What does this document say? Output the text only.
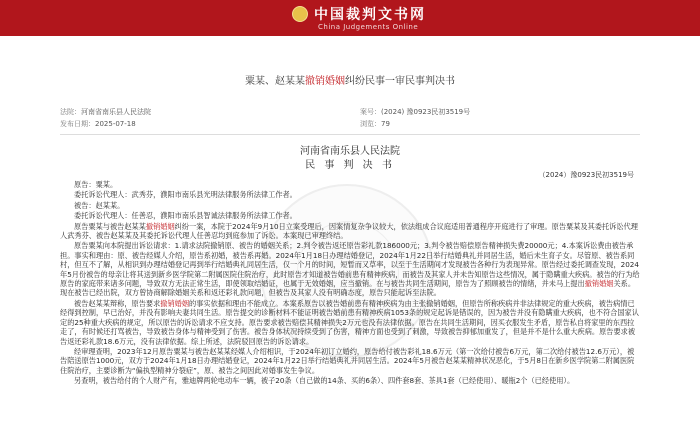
中国裁判文书网
China Judgements Online
粟某、赵某某撤销婚姻纠纷民事一审民事判决书
法院：河南省南乐县人民法院
发布日期：2025-07-18
案号：(2024) 豫0923民初3519号
浏览：79
河南省南乐县人民法院
民 事 判 决 书
（2024）豫0923民初3519号

原告：粟某。

委托诉讼代理人：武秀芬，濮阳市南乐县光明法律服务所法律工作者。

被告：赵某某。

委托诉讼代理人：任善忍，濮阳市南乐县智诚法律服务所法律工作者。

原告粟某与被告赵某某撤销婚姻纠纷一案，本院于2024年9月10日立案受理后，因案情复杂争议较大，依法组成合议庭适用普通程序开庭进行了审理。原告粟某及其委托诉讼代理人武秀芬、被告赵某某及其委托诉讼代理人任善忍均到庭参加了诉讼。本案现已审理终结。

原告粟某向本院提出诉讼请求：1.请求法院撤销原、被告的婚姻关系；2.判令被告返还原告彩礼款186000元；3.判令被告赔偿原告精神损失费20000元；4.本案诉讼费由被告承担。事实和理由：原、被告经媒人介绍，原告系初婚，被告系再婚。2024年1月18日办理结婚登记，2024年1月22日举行结婚典礼并同居生活，婚后未生育子女。尽管原、被告系同村，但互不了解，从相识到办理结婚登记再到举行结婚典礼同居生活，仅一个月的时间，短暂而又草率，以至于生活期间才发现被告各种行为表现异常。原告经过委托调查发现，2024年5月份被告的母亲让将其送到新乡医学院第二附属医院住院治疗，此时原告才知道被告婚前患有精神疾病，而被告及其家人并未告知原告这些情况，属于隐瞒重大疾病。被告的行为给原告的家庭带来诸多问题，导致双方无法正常生活，即使领取结婚证，也属于无效婚姻，应当撤销。在与被告共同生活期间，原告为了照顾被告的情绪，并未马上提出撤销婚姻关系。现在被告已经出院，双方曾协商解除婚姻关系和返还彩礼款问题，但被告及其家人没有明确态度，原告只能起诉至法院。

被告赵某某辩称，原告要求撤销婚姻的事实依据和理由不能成立。本案系原告以被告婚前患有精神疾病为由主张撤销婚姻，但原告所称疾病并非法律规定的重大疾病，被告病情已经得到控制，早已治好，并没有影响夫妻共同生活。原告提交的诊断材料不能证明被告婚前患有精神疾病1053条的规定起诉是错误的，因为被告并没有隐瞒重大疾病，也不符合国家认定的25种重大疾病的规定，所以原告的诉讼请求不应支持。原告要求被告赔偿其精神损失2万元也没有法律依据。原告在共同生活期间，因买衣服发生矛盾，原告私自将家里的东西拉走了，有时候还打骂被告，导致被告身体与精神受到了伤害。被告身体状况持续受到了伤害，精神方面也受到了刺激，导致被告抑郁加重发了，但是并不是什么重大疾病。原告要求被告返还彩礼款18.6万元，没有法律依据。综上所述，法院驳回原告的诉讼请求。

经审理查明，2023年12月原告粟某与被告赵某某经媒人介绍相识，于2024年初订立婚约，原告给付被告彩礼18.6万元（第一次给付被告6万元，第二次给付被告12.6万元），被告陪送原告1000元，双方于2024年1月18日办理结婚登记，2024年1月22日举行结婚典礼并同居生活。2024年5月被告赵某某精神状况恶化，于5月8日在新乡医学院第二附属医院住院治疗，主要诊断为“偏执型精神分裂症”，原、被告之间因此对婚事发生争议。

另查明，被告给付的个人财产有，雅迪牌两轮电动车一辆，被子20条（自己做的14条、买的6条）、四件套8套、茶具1套（已经使用）、暖瓶2个（已经使用）。
